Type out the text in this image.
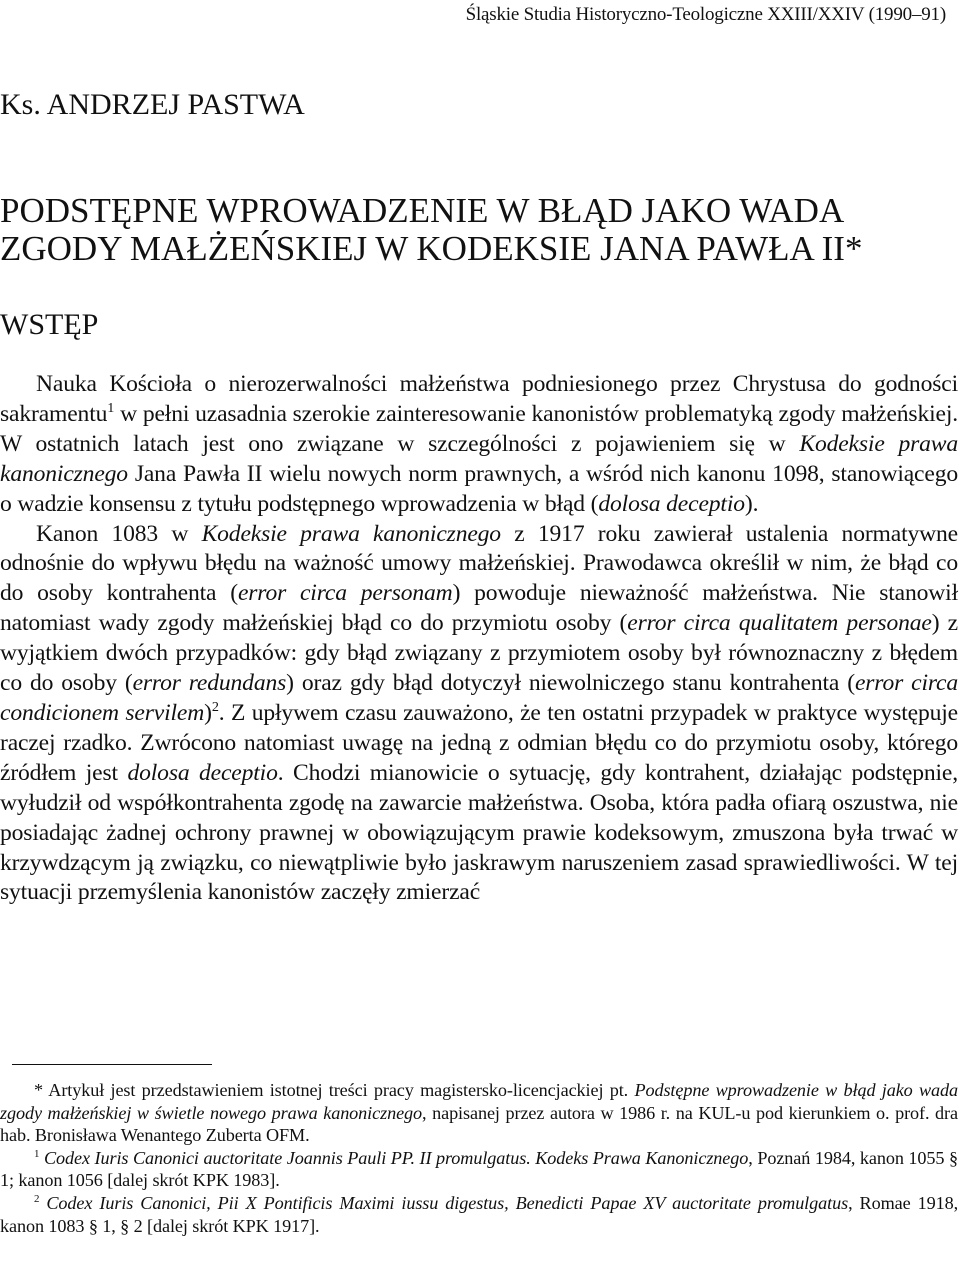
Śląskie Studia Historyczno-Teologiczne XXIII/XXIV (1990–91)
Ks. ANDRZEJ PASTWA
PODSTĘPNE WPROWADZENIE W BŁĄD JAKO WADA
ZGODY MAŁŻEŃSKIEJ W KODEKSIE JANA PAWŁA II*
WSTĘP

Nauka Kościoła o nierozerwalności małżeństwa podniesionego przez Chrystusa do godności sakramentu$^1$ w pełni uzasadnia szerokie zainteresowanie kanonistów problematyką zgody małżeńskiej. W ostatnich latach jest ono związane w szczególności z pojawieniem się w Kodeksie prawa kanonicznego Jana Pawła II wielu nowych norm prawnych, a wśród nich kanonu 1098, stanowiącego o wadzie konsensu z tytułu podstępnego wprowadzenia w błąd (dolosa deceptio).

Kanon 1083 w Kodeksie prawa kanonicznego z 1917 roku zawierał ustalenia normatywne odnośnie do wpływu błędu na ważność umowy małżeńskiej. Prawodawca określił w nim, że błąd co do osoby kontrahenta (error circa personam) powoduje nieważność małżeństwa. Nie stanowił natomiast wady zgody małżeńskiej błąd co do przymiotu osoby (error circa qualitatem personae) z wyjątkiem dwóch przypadków: gdy błąd związany z przymiotem osoby był równoznaczny z błędem co do osoby (error redundans) oraz gdy błąd dotyczył niewolniczego stanu kontrahenta (error circa condicionem servilem)$^2$. Z upływem czasu zauważono, że ten ostatni przypadek w praktyce występuje raczej rzadko. Zwrócono natomiast uwagę na jedną z odmian błędu co do przymiotu osoby, którego źródłem jest dolosa deceptio. Chodzi mianowicie o sytuację, gdy kontrahent, działając podstępnie, wyłudził od współkontrahenta zgodę na zawarcie małżeństwa. Osoba, która padła ofiarą oszustwa, nie posiadając żadnej ochrony prawnej w obowiązującym prawie kodeksowym, zmuszona była trwać w krzywdzącym ją związku, co niewątpliwie było jaskrawym naruszeniem zasad sprawiedliwości. W tej sytuacji przemyślenia kanonistów zaczęły zmierzać

* Artykuł jest przedstawieniem istotnej treści pracy magistersko-licencjackiej pt. Podstępne wprowadzenie w błąd jako wada zgody małżeńskiej w świetle nowego prawa kanonicznego, napisanej przez autora w 1986 r. na KUL-u pod kierunkiem o. prof. dra hab. Bronisława Wenantego Zuberta OFM.

$^1$ Codex Iuris Canonici auctoritate Joannis Pauli PP. II promulgatus. Kodeks Prawa Kanonicznego, Poznań 1984, kanon 1055 § 1; kanon 1056 [dalej skrót KPK 1983].

$^2$ Codex Iuris Canonici, Pii X Pontificis Maximi iussu digestus, Benedicti Papae XV auctoritate promulgatus, Romae 1918, kanon 1083 § 1, § 2 [dalej skrót KPK 1917].
